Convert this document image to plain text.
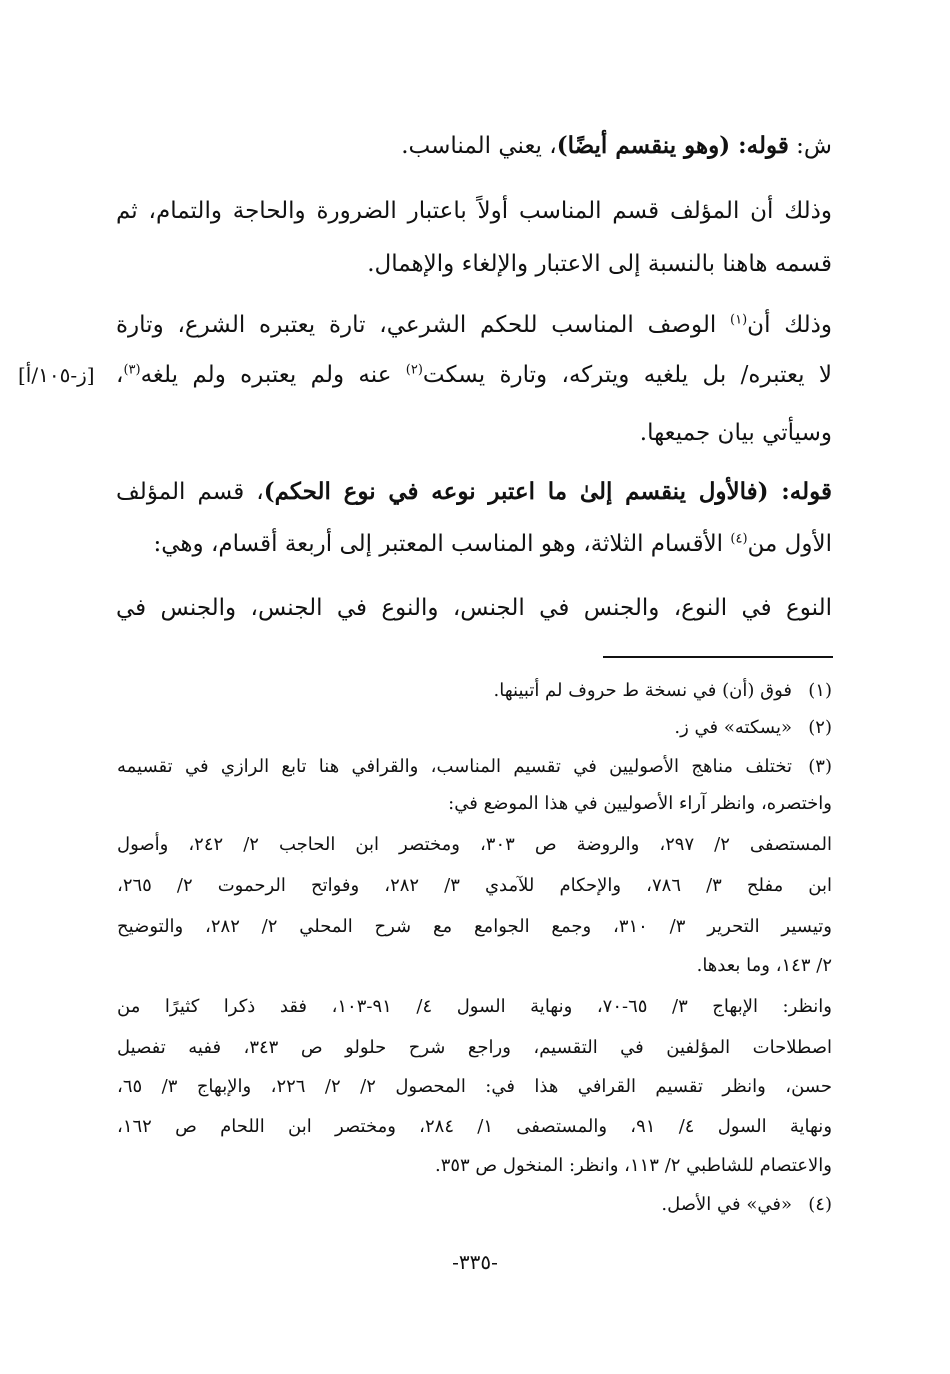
ش: قوله: (وهو ينقسم أيضًا)، يعني المناسب.

وذلك أن المؤلف قسم المناسب أولاً باعتبار الضرورة والحاجة والتمام، ثم

قسمه هاهنا بالنسبة إلى الاعتبار والإلغاء والإهمال.

وذلك أن$^{(١)}$ الوصف المناسب للحكم الشرعي، تارة يعتبره الشرع، وتارة

لا يعتبره/ بل يلغيه ويتركه، وتارة يسكت$^{(٢)}$ عنه ولم يعتبره ولم يلغه$^{(٣)}$،

[ز-١٠٥/أ]

وسيأتي بيان جميعها.

قوله: (فالأول ينقسم إلىٰ ما اعتبر نوعه في نوع الحكم)، قسم المؤلف

الأول من$^{(٤)}$ الأقسام الثلاثة، وهو المناسب المعتبر إلى أربعة أقسام، وهي:

النوع في النوع، والجنس في الجنس، والنوع في الجنس، والجنس في

(١)
فوق (أن) في نسخة ط حروف لم أتبينها.
(٢)
«يسكته» في ز.
(٣)
تختلف مناهج الأصوليين في تقسيم المناسب، والقرافي هنا تابع الرازي في تقسيمه
واختصره، وانظر آراء الأصوليين في هذا الموضع في:
المستصفى ٢/ ٢٩٧، والروضة ص ٣٠٣، ومختصر ابن الحاجب ٢/ ٢٤٢، وأصول
ابن مفلح ٣/ ٧٨٦، والإحكام للآمدي ٣/ ٢٨٢، وفواتح الرحموت ٢/ ٢٦٥،
وتيسير التحرير ٣/ ٣١٠، وجمع الجوامع مع شرح المحلي ٢/ ٢٨٢، والتوضيح
٢/ ١٤٣، وما بعدها.
وانظر: الإبهاج ٣/ ٦٥-٧٠، ونهاية السول ٤/ ٩١-١٠٣، فقد ذكرا كثيرًا من
اصطلاحات المؤلفين في التقسيم، وراجع شرح حلولو ص ٣٤٣، ففيه تفصيل
حسن، وانظر تقسيم القرافي هذا في: المحصول ٢/ ٢/ ٢٢٦، والإبهاج ٣/ ٦٥،
ونهاية السول ٤/ ٩١، والمستصفى ١/ ٢٨٤، ومختصر ابن اللحام ص ١٦٢،
والاعتصام للشاطبي ٢/ ١١٣، وانظر: المنخول ص ٣٥٣.
(٤)
«في» في الأصل.
-٣٣٥-
